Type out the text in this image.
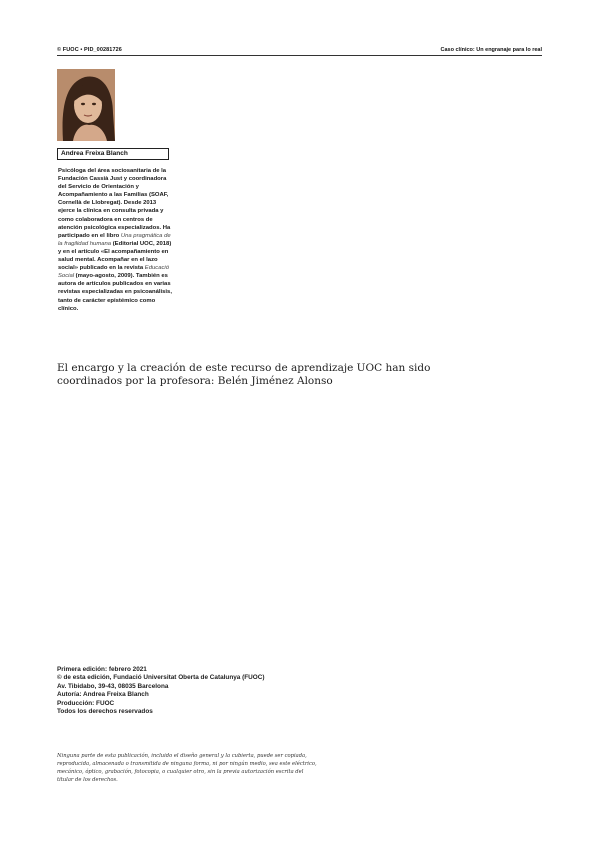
© FUOC • PID_00281726	Caso clínico: Un engranaje para lo real
Andrea Freixa Blanch
Psicóloga del área sociosanitaria de la Fundación Cassià Just y coordinadora del Servicio de Orientación y Acompañamiento a las Familias (SOAF, Cornellà de Llobregat). Desde 2013 ejerce la clínica en consulta privada y como colaboradora en centros de atención psicológica especializados. Ha participado en el libro Una pragmática de la fragilidad humana (Editorial UOC, 2018) y en el artículo «El acompañamiento en salud mental. Acompañar en el lazo social» publicado en la revista Educació Social (mayo-agosto, 2009). También es autora de artículos publicados en varias revistas especializadas en psicoanálisis, tanto de carácter epistémico como clínico.
El encargo y la creación de este recurso de aprendizaje UOC han sido coordinados por la profesora: Belén Jiménez Alonso
Primera edición: febrero 2021
© de esta edición, Fundació Universitat Oberta de Catalunya (FUOC)
Av. Tibidabo, 39-43, 08035 Barcelona
Autoría: Andrea Freixa Blanch
Producción: FUOC
Todos los derechos reservados
Ninguna parte de esta publicación, incluido el diseño general y la cubierta, puede ser copiada, reproducida, almacenada o transmitida de ninguna forma, ni por ningún medio, sea este eléctrico, mecánico, óptico, grabación, fotocopia, o cualquier otro, sin la previa autorización escrita del titular de los derechos.
